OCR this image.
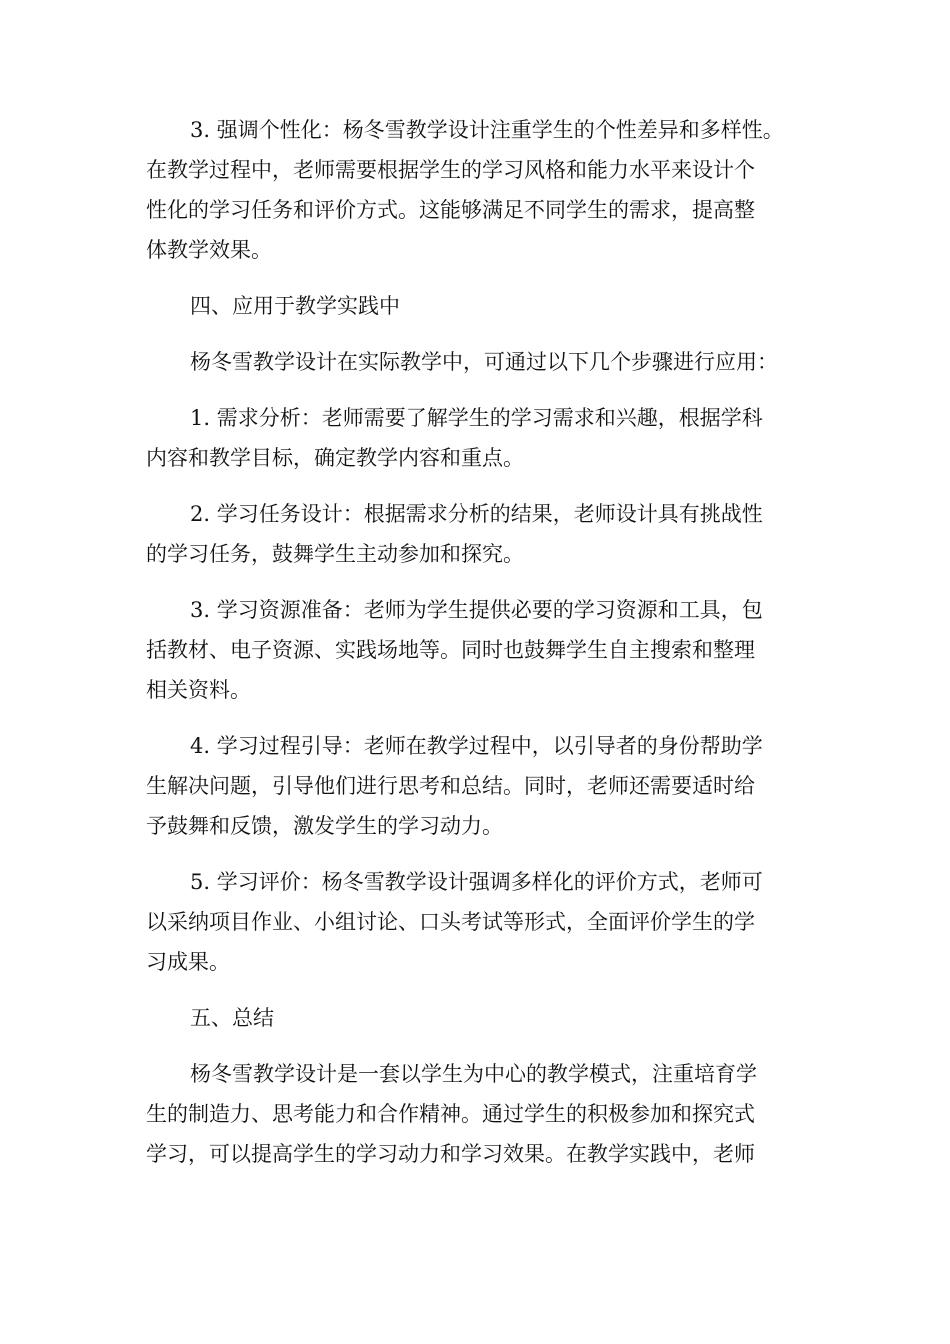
3. 强调个性化：杨冬雪教学设计注重学生的个性差异和多样性。
在教学过程中，老师需要根据学生的学习风格和能力水平来设计个
性化的学习任务和评价方式。这能够满足不同学生的需求，提高整
体教学效果。
四、应用于教学实践中
杨冬雪教学设计在实际教学中，可通过以下几个步骤进行应用：
1. 需求分析：老师需要了解学生的学习需求和兴趣，根据学科
内容和教学目标，确定教学内容和重点。
2. 学习任务设计：根据需求分析的结果，老师设计具有挑战性
的学习任务，鼓舞学生主动参加和探究。
3. 学习资源准备：老师为学生提供必要的学习资源和工具，包
括教材、电子资源、实践场地等。同时也鼓舞学生自主搜索和整理
相关资料。
4. 学习过程引导：老师在教学过程中，以引导者的身份帮助学
生解决问题，引导他们进行思考和总结。同时，老师还需要适时给
予鼓舞和反馈，激发学生的学习动力。
5. 学习评价：杨冬雪教学设计强调多样化的评价方式，老师可
以采纳项目作业、小组讨论、口头考试等形式，全面评价学生的学
习成果。
五、总结
杨冬雪教学设计是一套以学生为中心的教学模式，注重培育学
生的制造力、思考能力和合作精神。通过学生的积极参加和探究式
学习，可以提高学生的学习动力和学习效果。在教学实践中，老师
